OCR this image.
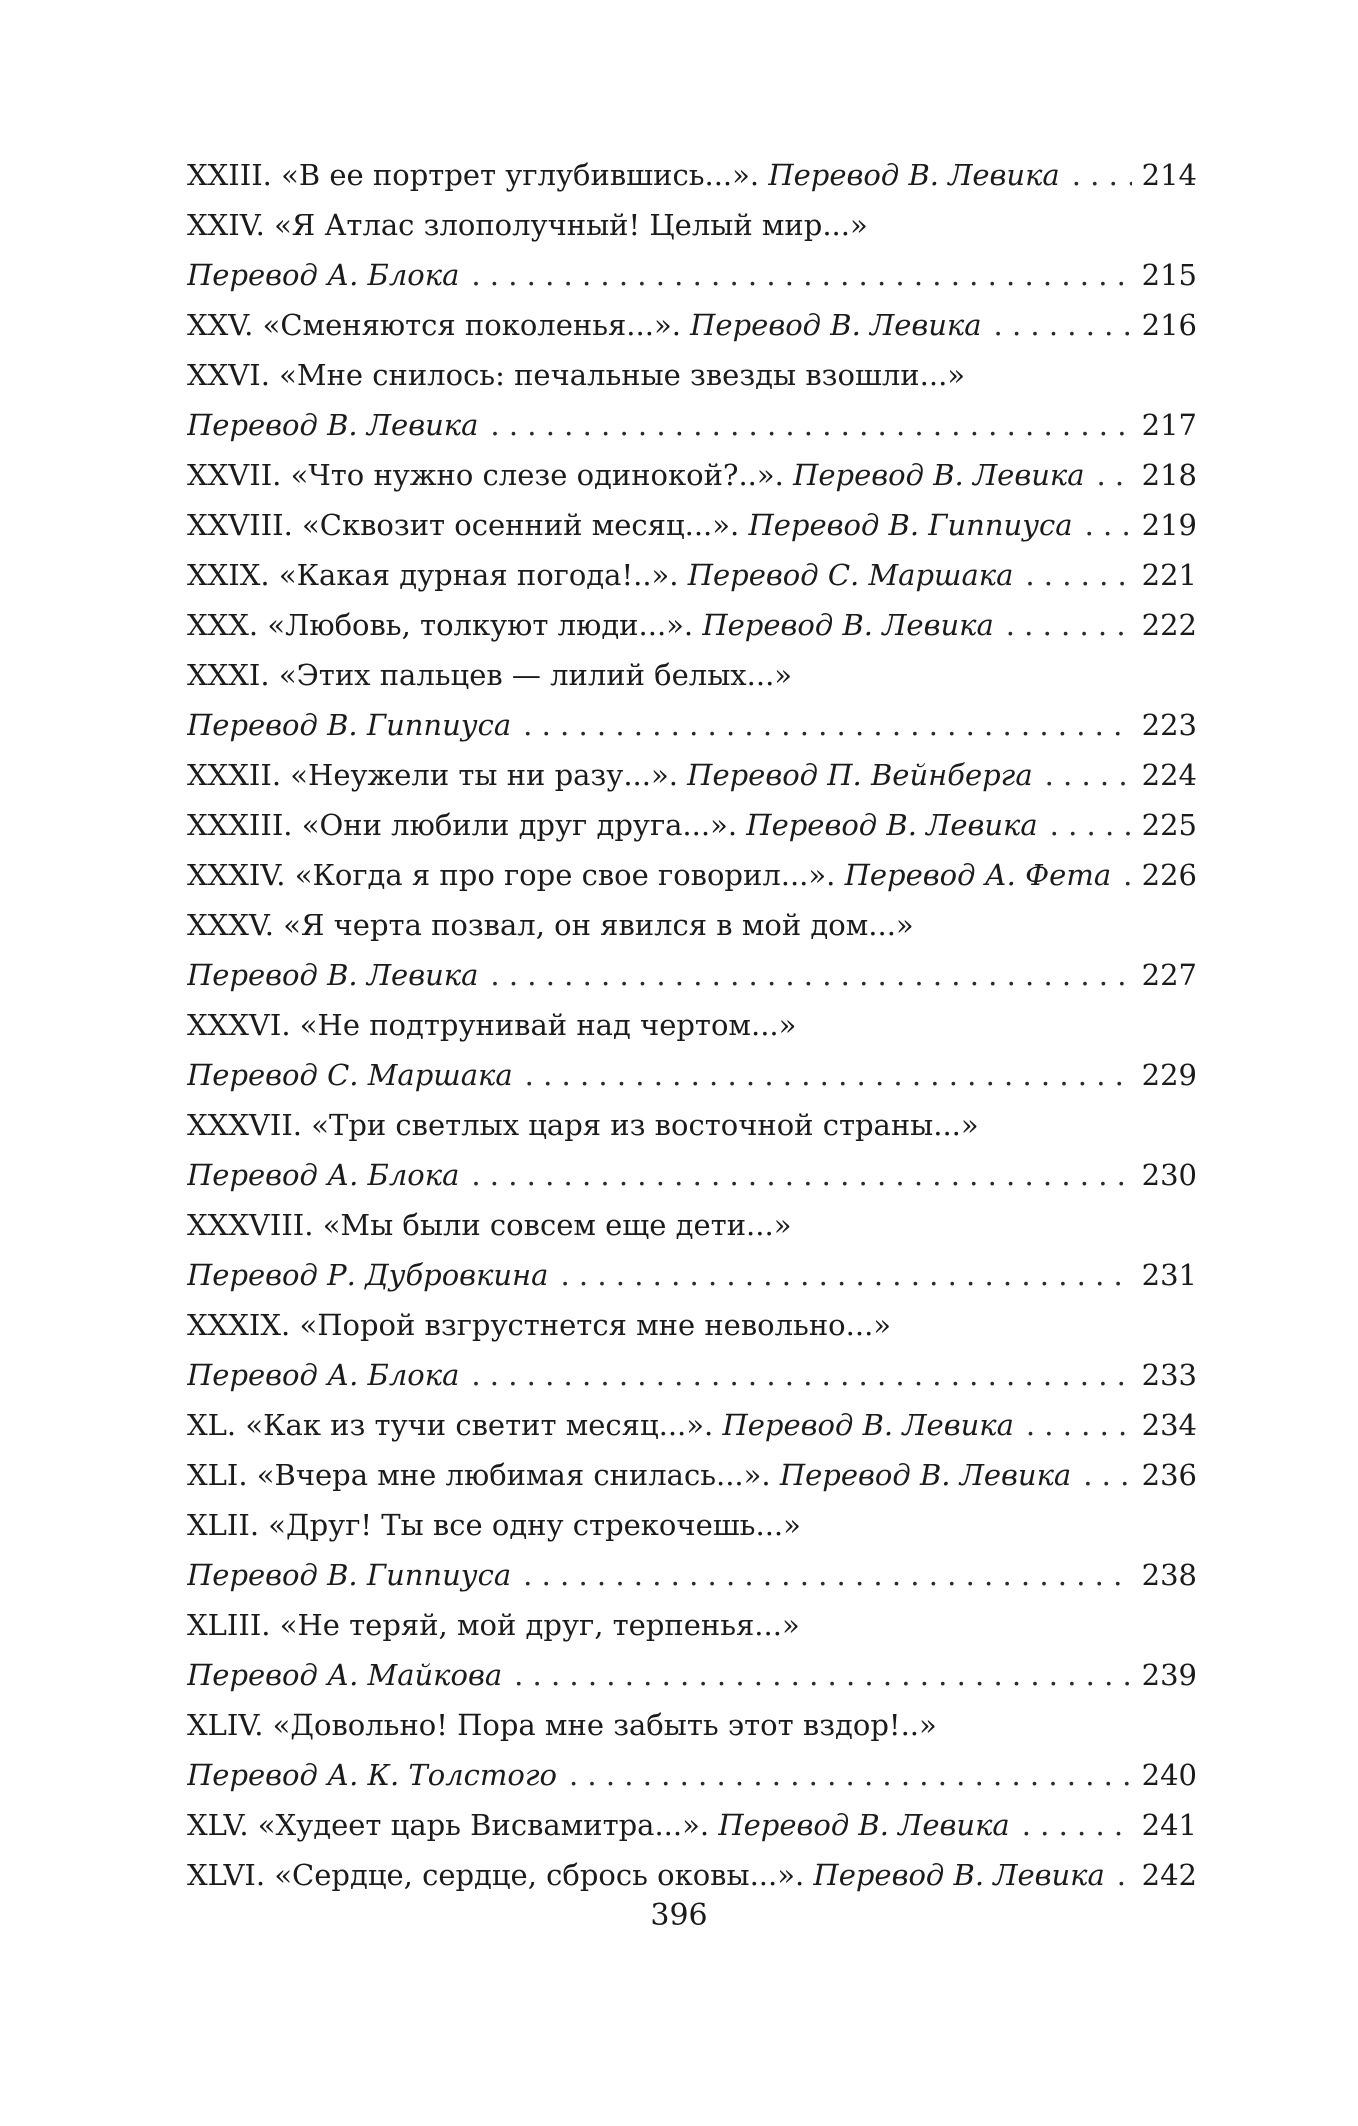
XXIII. «В ее портрет углубившись...». Перевод В. Левика . . .	214
XXIV. «Я Атлас злополучный! Целый мир...»
Перевод А. Блока . . .	215
XXV. «Сменяются поколенья...». Перевод В. Левика . . .	216
XXVI. «Мне снилось: печальные звезды взошли...»
Перевод В. Левика . . .	217
XXVII. «Что нужно слезе одинокой?..». Перевод В. Левика . . . 218
XXVIII. «Сквозит осенний месяц...». Перевод В. Гиппиуса . . . 219
XXIX. «Какая дурная погода!..». Перевод С. Маршака . . .	221
XXX. «Любовь, толкуют люди...». Перевод В. Левика . . .	222
XXXI. «Этих пальцев — лилий белых...»
Перевод В. Гиппиуса . . .	223
XXXII. «Неужели ты ни разу...». Перевод П. Вейнберга . . .	224
XXXIII. «Они любили друг друга...». Перевод В. Левика . . .	225
XXXIV. «Когда я про горе свое говорил...». Перевод А. Фета . . . 226
XXXV. «Я черта позвал, он явился в мой дом...»
Перевод В. Левика . . .	227
XXXVI. «Не подтрунивай над чертом...»
Перевод С. Маршака . . .	229
XXXVII. «Три светлых царя из восточной страны...»
Перевод А. Блока . . .	230
XXXVIII. «Мы были совсем еще дети...»
Перевод Р. Дубровкина . . .	231
XXXIX. «Порой взгрустнется мне невольно...»
Перевод А. Блока . . .	233
XL. «Как из тучи светит месяц...». Перевод В. Левика . . .	234
XLI. «Вчера мне любимая снилась...». Перевод В. Левика . . . 236
XLII. «Друг! Ты все одну стрекочешь...»
Перевод В. Гиппиуса . . .	238
XLIII. «Не теряй, мой друг, терпенья...»
Перевод А. Майкова . . .	239
XLIV. «Довольно! Пора мне забыть этот вздор!..»
Перевод А. К. Толстого . . .	240
XLV. «Худеет царь Висвамитра...». Перевод В. Левика . . .	241
XLVI. «Сердце, сердце, сбрось оковы...». Перевод В. Левика . . . 242
396
